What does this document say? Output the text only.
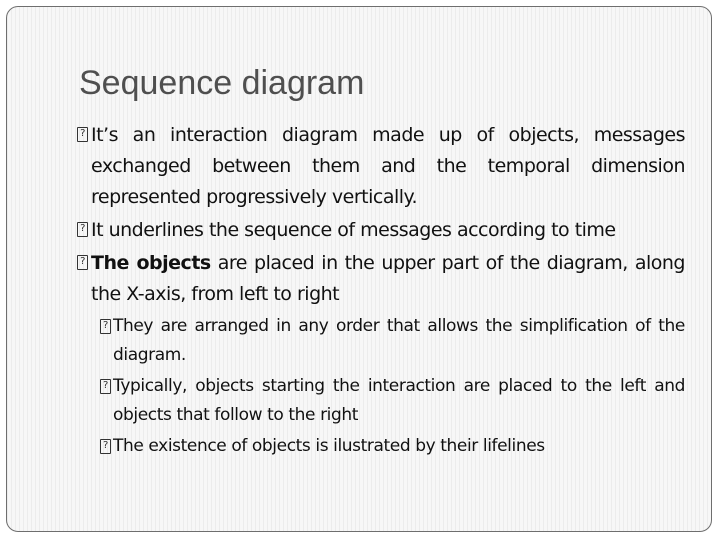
Sequence diagram
? It’s an interaction diagram made up of objects, messages exchanged between them and the temporal dimension represented progressively vertically.
? It underlines the sequence of messages according to time
? The objects are placed in the upper part of the diagram, along the X-axis, from left to right
? They are arranged in any order that allows the simplification of the diagram.
? Typically, objects starting the interaction are placed to the left and objects that follow to the right
? The existence of objects is ilustrated by their lifelines
